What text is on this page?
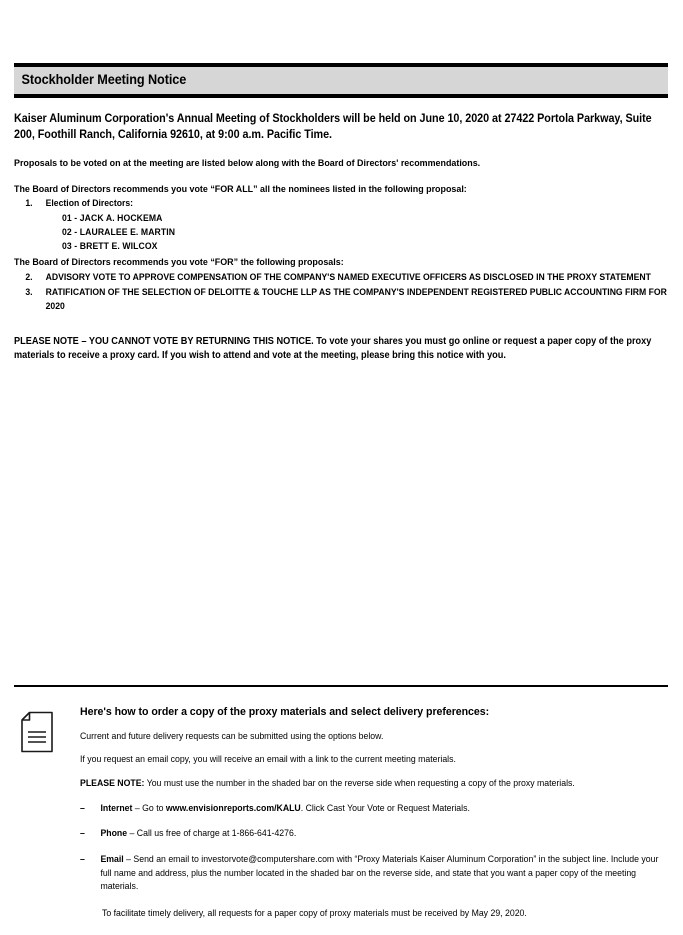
Stockholder Meeting Notice
Kaiser Aluminum Corporation's Annual Meeting of Stockholders will be held on June 10, 2020 at 27422 Portola Parkway, Suite 200, Foothill Ranch, California 92610, at 9:00 a.m. Pacific Time.
Proposals to be voted on at the meeting are listed below along with the Board of Directors' recommendations.
The Board of Directors recommends you vote “FOR ALL” all the nominees listed in the following proposal:
1.	Election of Directors:
01 - JACK A. HOCKEMA
02 - LAURALEE E. MARTIN
03 - BRETT E. WILCOX
The Board of Directors recommends you vote “FOR” the following proposals:
2.	ADVISORY VOTE TO APPROVE COMPENSATION OF THE COMPANY'S NAMED EXECUTIVE OFFICERS AS DISCLOSED IN THE PROXY STATEMENT
3.	RATIFICATION OF THE SELECTION OF DELOITTE & TOUCHE LLP AS THE COMPANY'S INDEPENDENT REGISTERED PUBLIC ACCOUNTING FIRM FOR 2020
PLEASE NOTE – YOU CANNOT VOTE BY RETURNING THIS NOTICE. To vote your shares you must go online or request a paper copy of the proxy materials to receive a proxy card. If you wish to attend and vote at the meeting, please bring this notice with you.
Here's how to order a copy of the proxy materials and select delivery preferences:
Current and future delivery requests can be submitted using the options below.
If you request an email copy, you will receive an email with a link to the current meeting materials.
PLEASE NOTE: You must use the number in the shaded bar on the reverse side when requesting a copy of the proxy materials.
–	Internet – Go to www.envisionreports.com/KALU. Click Cast Your Vote or Request Materials.
–	Phone – Call us free of charge at 1-866-641-4276.
–	Email – Send an email to investorvote@computershare.com with “Proxy Materials Kaiser Aluminum Corporation” in the subject line. Include your full name and address, plus the number located in the shaded bar on the reverse side, and state that you want a paper copy of the meeting materials.
To facilitate timely delivery, all requests for a paper copy of proxy materials must be received by May 29, 2020.
